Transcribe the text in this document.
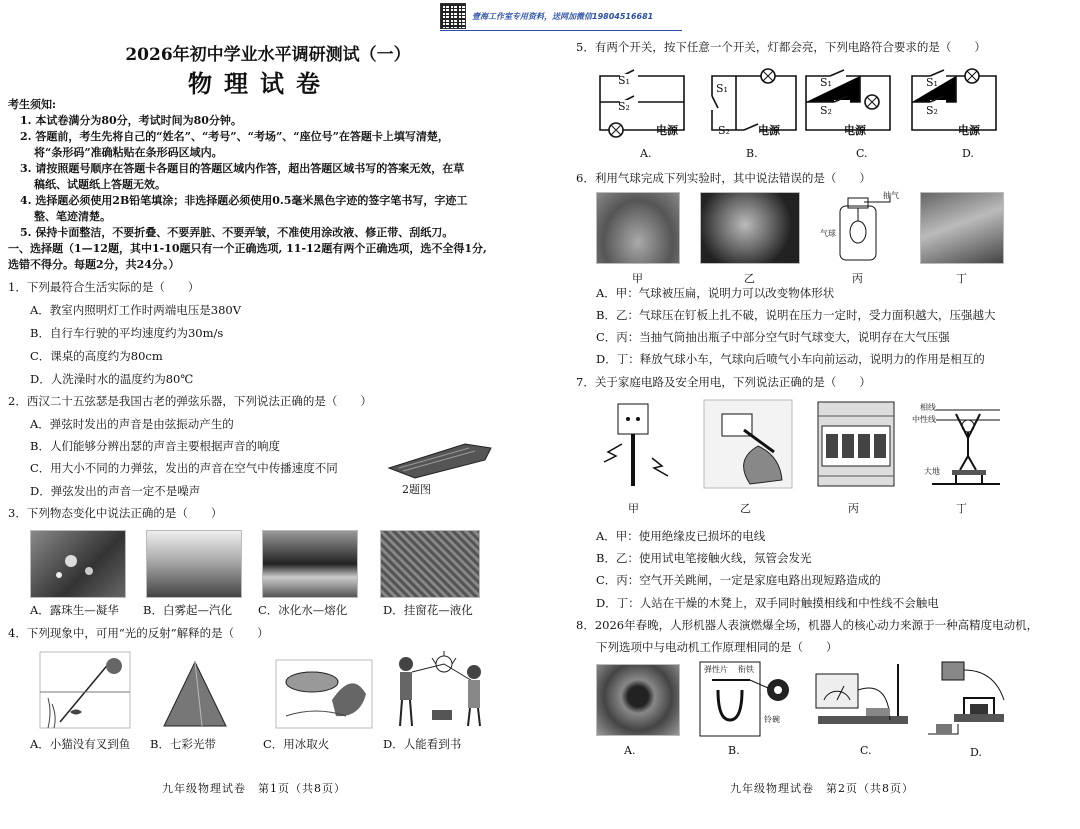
壹海工作室专用资料，送网加微信19804516681
2026年初中学业水平调研测试（一）
物理试卷
考生须知:
1. 本试卷满分为80分，考试时间为80分钟。
2. 答题前，考生先将自己的“姓名”、“考号”、“考场”、“座位号”在答题卡上填写清楚，
将“条形码”准确粘贴在条形码区域内。
3. 请按照题号顺序在答题卡各题目的答题区域内作答，超出答题区域书写的答案无效，在草
稿纸、试题纸上答题无效。
4. 选择题必须使用2B铅笔填涂；非选择题必须使用0.5毫米黑色字迹的签字笔书写，字迹工
整、笔迹清楚。
5. 保持卡面整洁，不要折叠、不要弄脏、不要弄皱，不准使用涂改液、修正带、刮纸刀。
一、选择题（1—12题，其中1-10题只有一个正确选项, 11-12题有两个正确选项，选不全得1分,
选错不得分。每题2分，共24分。）
1．下列最符合生活实际的是（　　）
A．教室内照明灯工作时两端电压是380V
B．自行车行驶的平均速度约为30m/s
C．课桌的高度约为80cm
D．人洗澡时水的温度约为80℃
2．西汉二十五弦瑟是我国古老的弹弦乐器，下列说法正确的是（　　）
A．弹弦时发出的声音是由弦振动产生的
B．人们能够分辨出瑟的声音主要根据声音的响度
C．用大小不同的力弹弦，发出的声音在空气中传播速度不同
D．弹弦发出的声音一定不是噪声	2题图
3．下列物态变化中说法正确的是（　　）
A．露珠生—凝华 B．白雾起—汽化 C．冰化水—熔化	D．挂窗花—液化
4．下列现象中，可用“光的反射”解释的是（　　）
A．小猫没有叉到鱼 B．七彩光带	C．用冰取火	D．人能看到书
九年级物理试卷　第1页（共8页）
5．有两个开关，按下任意一个开关，灯都会亮，下列电路符合要求的是（　　）
S₁
S₂
电源
S₁
S₂	电源
S₁
S₂
电源
S₁
S₂
电源
A.	B.	C.	D.
6．利用气球完成下列实验时，其中说法错误的是（　　）
抽气
气球
甲	乙	丙	丁
A．甲：气球被压扁，说明力可以改变物体形状
B．乙：气球压在钉板上扎不破，说明在压力一定时，受力面积越大，压强越大
C．丙：当抽气筒抽出瓶子中部分空气时气球变大，说明存在大气压强
D．丁：释放气球小车，气球向后喷气小车向前运动，说明力的作用是相互的
7．关于家庭电路及安全用电，下列说法正确的是（　　）
相线
中性线
大地
甲	乙	丙	丁
A．甲：使用绝缘皮已损坏的电线
B．乙：使用试电笔接触火线，氖管会发光
C．丙：空气开关跳闸，一定是家庭电路出现短路造成的
D．丁：人站在干燥的木凳上，双手同时触摸相线和中性线不会触电
8．2026年春晚，人形机器人表演燃爆全场，机器人的核心动力来源于一种高精度电动机，
下列选项中与电动机工作原理相同的是（　　）
弹性片 衔铁
铃碗
A.	B.	C.	D.
九年级物理试卷　第2页（共8页）
